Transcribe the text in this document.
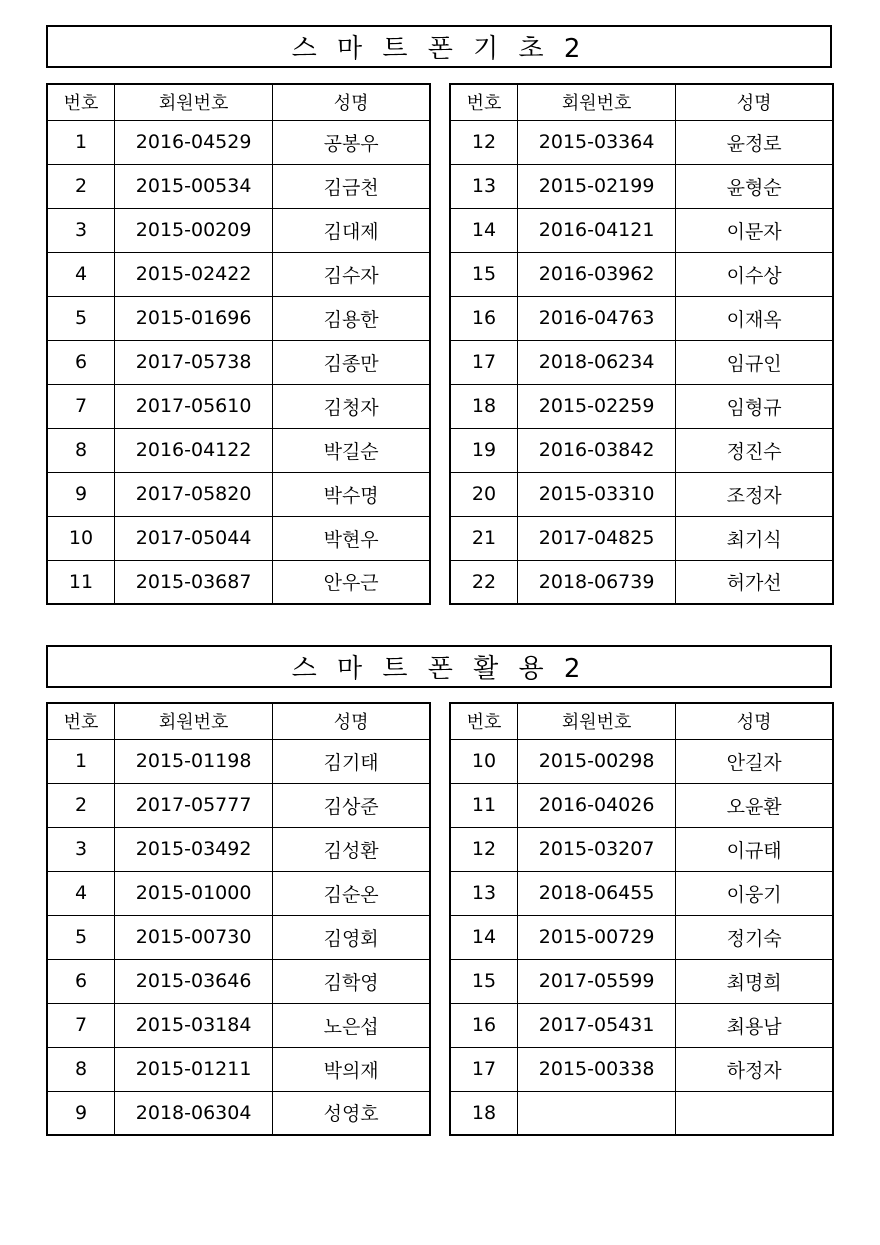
스 마 트 폰 기 초 2
번호	회원번호	성명
1	2016-04529	공봉우
2	2015-00534	김금천
3	2015-00209	김대제
4	2015-02422	김수자
5	2015-01696	김용한
6	2017-05738	김종만
7	2017-05610	김청자
8	2016-04122	박길순
9	2017-05820	박수명
10	2017-05044	박현우
11	2015-03687	안우근
번호	회원번호	성명
12	2015-03364	윤정로
13	2015-02199	윤형순
14	2016-04121	이문자
15	2016-03962	이수상
16	2016-04763	이재옥
17	2018-06234	임규인
18	2015-02259	임형규
19	2016-03842	정진수
20	2015-03310	조정자
21	2017-04825	최기식
22	2018-06739	허가선
스 마 트 폰 활 용 2
번호	회원번호	성명
1	2015-01198	김기태
2	2017-05777	김상준
3	2015-03492	김성환
4	2015-01000	김순온
5	2015-00730	김영회
6	2015-03646	김학영
7	2015-03184	노은섭
8	2015-01211	박의재
9	2018-06304	성영호
번호	회원번호	성명
10	2015-00298	안길자
11	2016-04026	오윤환
12	2015-03207	이규태
13	2018-06455	이웅기
14	2015-00729	정기숙
15	2017-05599	최명희
16	2017-05431	최용남
17	2015-00338	하정자
18		
